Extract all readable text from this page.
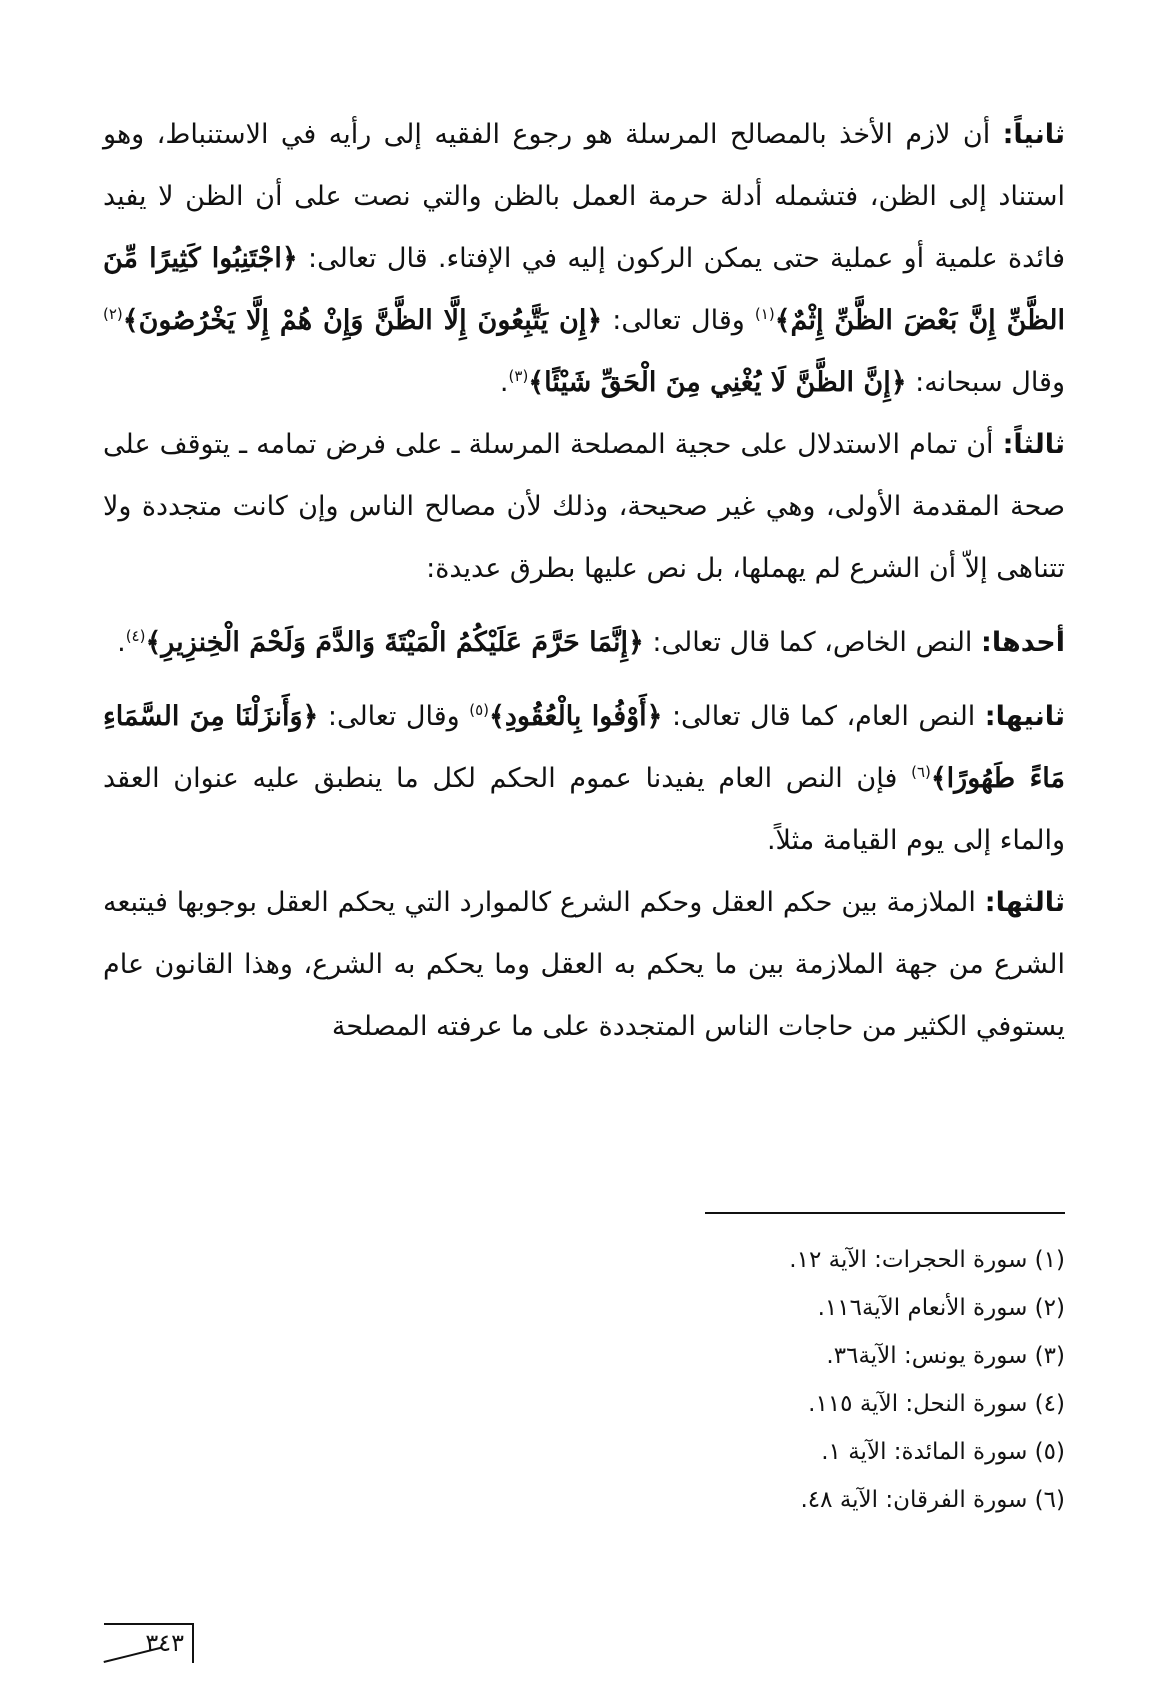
ثانياً: أن لازم الأخذ بالمصالح المرسلة هو رجوع الفقيه إلى رأيه في الاستنباط، وهو استناد إلى الظن، فتشمله أدلة حرمة العمل بالظن والتي نصت على أن الظن لا يفيد فائدة علمية أو عملية حتى يمكن الركون إليه في الإفتاء. قال تعالى: ﴿اجْتَنِبُوا كَثِيرًا مِّنَ الظَّنِّ إِنَّ بَعْضَ الظَّنِّ إِثْمٌ﴾$^{(١)}$ وقال تعالى: ﴿إِن يَتَّبِعُونَ إِلَّا الظَّنَّ وَإِنْ هُمْ إِلَّا يَخْرُصُونَ﴾$^{(٢)}$ وقال سبحانه: ﴿إِنَّ الظَّنَّ لَا يُغْنِي مِنَ الْحَقِّ شَيْئًا﴾$^{(٣)}$.

ثالثاً: أن تمام الاستدلال على حجية المصلحة المرسلة ـ على فرض تمامه ـ يتوقف على صحة المقدمة الأولى، وهي غير صحيحة، وذلك لأن مصالح الناس وإن كانت متجددة ولا تتناهى إلاّ أن الشرع لم يهملها، بل نص عليها بطرق عديدة:

أحدها: النص الخاص، كما قال تعالى: ﴿إِنَّمَا حَرَّمَ عَلَيْكُمُ الْمَيْتَةَ وَالدَّمَ وَلَحْمَ الْخِنزِيرِ﴾$^{(٤)}$.

ثانيها: النص العام، كما قال تعالى: ﴿أَوْفُوا بِالْعُقُودِ﴾$^{(٥)}$ وقال تعالى: ﴿وَأَنزَلْنَا مِنَ السَّمَاءِ مَاءً طَهُورًا﴾$^{(٦)}$ فإن النص العام يفيدنا عموم الحكم لكل ما ينطبق عليه عنوان العقد والماء إلى يوم القيامة مثلاً.

ثالثها: الملازمة بين حكم العقل وحكم الشرع كالموارد التي يحكم العقل بوجوبها فيتبعه الشرع من جهة الملازمة بين ما يحكم به العقل وما يحكم به الشرع، وهذا القانون عام يستوفي الكثير من حاجات الناس المتجددة على ما عرفته المصلحة

(١) سورة الحجرات: الآية ١٢.
(٢) سورة الأنعام الآية١١٦.
(٣) سورة يونس: الآية٣٦.
(٤) سورة النحل: الآية ١١٥.
(٥) سورة المائدة: الآية ١.
(٦) سورة الفرقان: الآية ٤٨.
٣٤٣
